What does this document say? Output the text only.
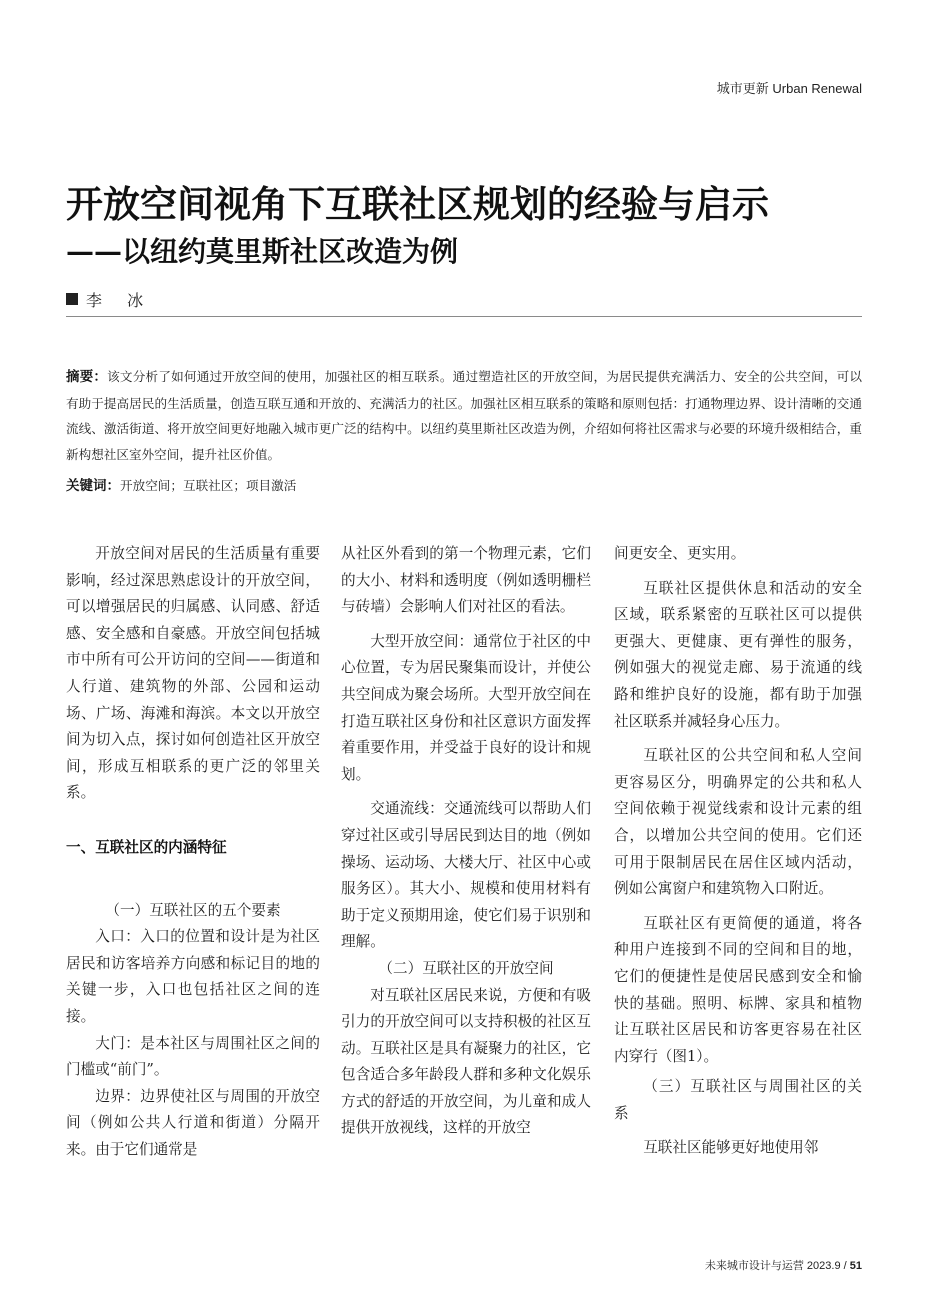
城市更新 Urban Renewal
开放空间视角下互联社区规划的经验与启示
——以纽约莫里斯社区改造为例
李 冰
摘要：该文分析了如何通过开放空间的使用，加强社区的相互联系。通过塑造社区的开放空间，为居民提供充满活力、安全的公共空间，可以有助于提高居民的生活质量，创造互联互通和开放的、充满活力的社区。加强社区相互联系的策略和原则包括：打通物理边界、设计清晰的交通流线、激活街道、将开放空间更好地融入城市更广泛的结构中。以纽约莫里斯社区改造为例，介绍如何将社区需求与必要的环境升级相结合，重新构想社区室外空间，提升社区价值。
关键词：开放空间；互联社区；项目激活

开放空间对居民的生活质量有重要影响，经过深思熟虑设计的开放空间，可以增强居民的归属感、认同感、舒适感、安全感和自豪感。开放空间包括城市中所有可公开访问的空间——街道和人行道、建筑物的外部、公园和运动场、广场、海滩和海滨。本文以开放空间为切入点，探讨如何创造社区开放空间，形成互相联系的更广泛的邻里关系。

一、互联社区的内涵特征

（一）互联社区的五个要素

入口：入口的位置和设计是为社区居民和访客培养方向感和标记目的地的关键一步，入口也包括社区之间的连接。

大门：是本社区与周围社区之间的门槛或“前门”。

边界：边界使社区与周围的开放空间（例如公共人行道和街道）分隔开来。由于它们通常是

从社区外看到的第一个物理元素，它们的大小、材料和透明度（例如透明栅栏与砖墙）会影响人们对社区的看法。

大型开放空间：通常位于社区的中心位置，专为居民聚集而设计，并使公共空间成为聚会场所。大型开放空间在打造互联社区身份和社区意识方面发挥着重要作用，并受益于良好的设计和规划。

交通流线：交通流线可以帮助人们穿过社区或引导居民到达目的地（例如操场、运动场、大楼大厅、社区中心或服务区）。其大小、规模和使用材料有助于定义预期用途，使它们易于识别和理解。

（二）互联社区的开放空间

对互联社区居民来说，方便和有吸引力的开放空间可以支持积极的社区互动。互联社区是具有凝聚力的社区，它包含适合多年龄段人群和多种文化娱乐方式的舒适的开放空间，为儿童和成人提供开放视线，这样的开放空

间更安全、更实用。

互联社区提供休息和活动的安全区域，联系紧密的互联社区可以提供更强大、更健康、更有弹性的服务，例如强大的视觉走廊、易于流通的线路和维护良好的设施，都有助于加强社区联系并减轻身心压力。

互联社区的公共空间和私人空间更容易区分，明确界定的公共和私人空间依赖于视觉线索和设计元素的组合，以增加公共空间的使用。它们还可用于限制居民在居住区域内活动，例如公寓窗户和建筑物入口附近。

互联社区有更简便的通道，将各种用户连接到不同的空间和目的地，它们的便捷性是使居民感到安全和愉快的基础。照明、标牌、家具和植物让互联社区居民和访客更容易在社区内穿行（图1）。

（三）互联社区与周围社区的关系

互联社区能够更好地使用邻

未来城市设计与运营 2023.9 / 51
